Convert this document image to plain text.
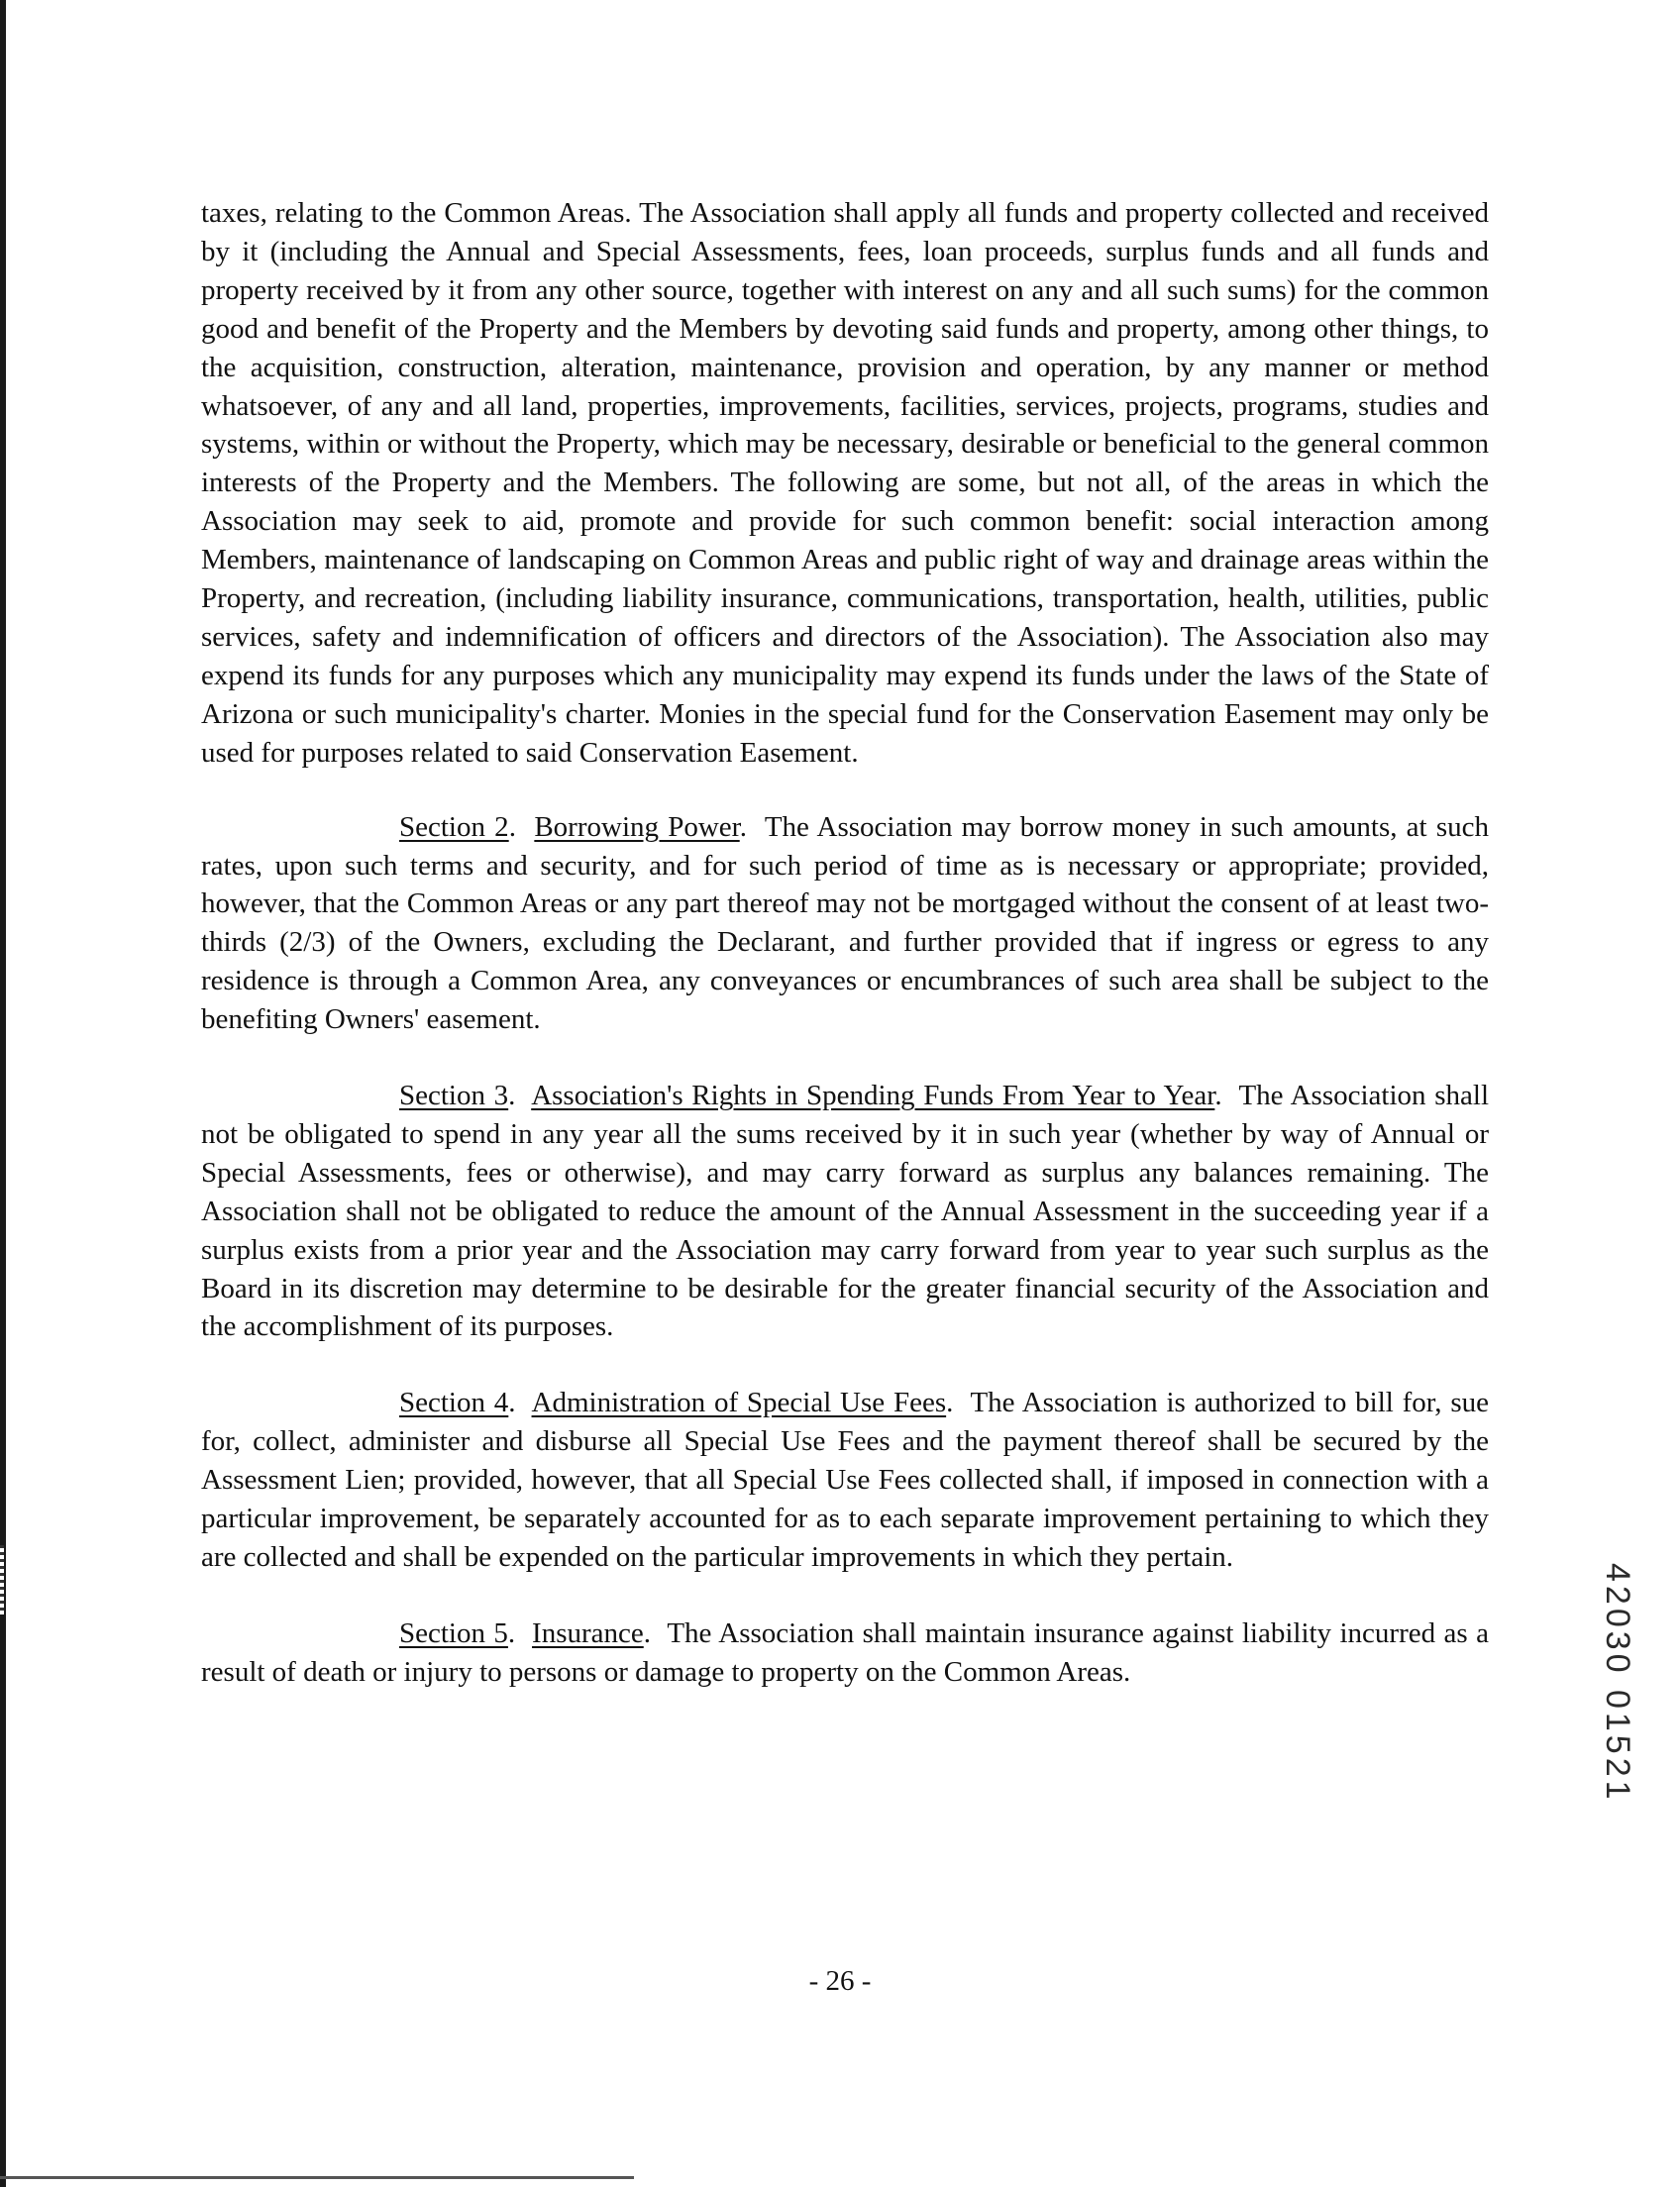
taxes, relating to the Common Areas. The Association shall apply all funds and property collected and received by it (including the Annual and Special Assessments, fees, loan proceeds, surplus funds and all funds and property received by it from any other source, together with interest on any and all such sums) for the common good and benefit of the Property and the Members by devoting said funds and property, among other things, to the acquisition, construction, alteration, maintenance, provision and operation, by any manner or method whatsoever, of any and all land, properties, improvements, facilities, services, projects, programs, studies and systems, within or without the Property, which may be necessary, desirable or beneficial to the general common interests of the Property and the Members. The following are some, but not all, of the areas in which the Association may seek to aid, promote and provide for such common benefit: social interaction among Members, maintenance of landscaping on Common Areas and public right of way and drainage areas within the Property, and recreation, (including liability insurance, communications, transportation, health, utilities, public services, safety and indemnification of officers and directors of the Association). The Association also may expend its funds for any purposes which any municipality may expend its funds under the laws of the State of Arizona or such municipality's charter. Monies in the special fund for the Conservation Easement may only be used for purposes related to said Conservation Easement.

Section 2.  Borrowing Power.  The Association may borrow money in such amounts, at such rates, upon such terms and security, and for such period of time as is necessary or appropriate; provided, however, that the Common Areas or any part thereof may not be mortgaged without the consent of at least two-thirds (2/3) of the Owners, excluding the Declarant, and further provided that if ingress or egress to any residence is through a Common Area, any conveyances or encumbrances of such area shall be subject to the benefiting Owners' easement.

Section 3.  Association's Rights in Spending Funds From Year to Year.  The Association shall not be obligated to spend in any year all the sums received by it in such year (whether by way of Annual or Special Assessments, fees or otherwise), and may carry forward as surplus any balances remaining. The Association shall not be obligated to reduce the amount of the Annual Assessment in the succeeding year if a surplus exists from a prior year and the Association may carry forward from year to year such surplus as the Board in its discretion may determine to be desirable for the greater financial security of the Association and the accomplishment of its purposes.

Section 4.  Administration of Special Use Fees.  The Association is authorized to bill for, sue for, collect, administer and disburse all Special Use Fees and the payment thereof shall be secured by the Assessment Lien; provided, however, that all Special Use Fees collected shall, if imposed in connection with a particular improvement, be separately accounted for as to each separate improvement pertaining to which they are collected and shall be expended on the particular improvements in which they pertain.

Section 5.  Insurance.  The Association shall maintain insurance against liability incurred as a result of death or injury to persons or damage to property on the Common Areas.

- 26 -
42030 01521
